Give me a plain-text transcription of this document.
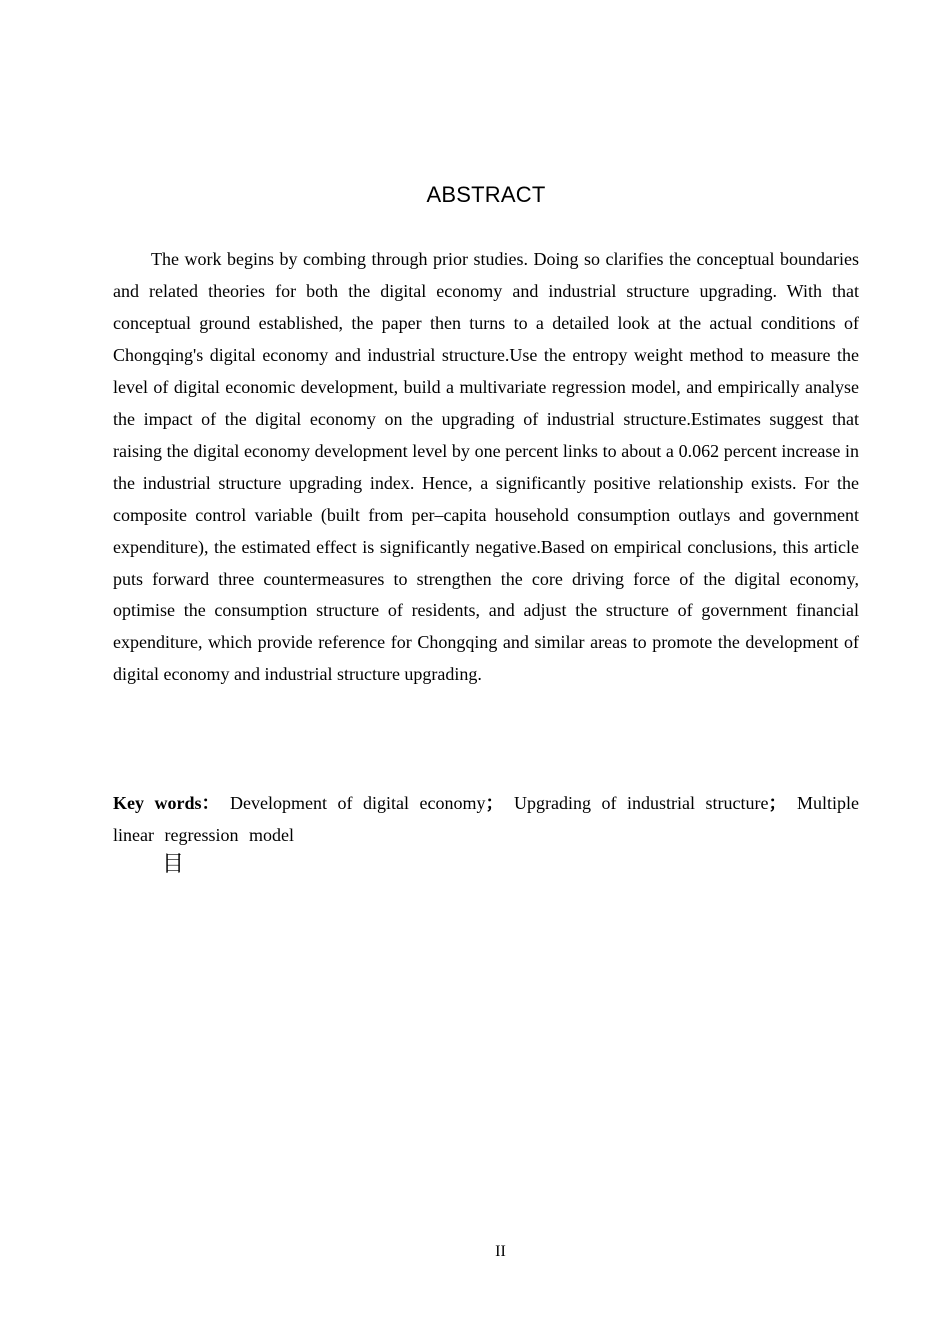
ABSTRACT

The work begins by combing through prior studies. Doing so clarifies the conceptual boundaries and related theories for both the digital economy and industrial structure upgrading. With that conceptual ground established, the paper then turns to a detailed look at the actual conditions of Chongqing's digital economy and industrial structure.Use the entropy weight method to measure the level of digital economic development, build a multivariate regression model, and empirically analyse the impact of the digital economy on the upgrading of industrial structure.Estimates suggest that raising the digital economy development level by one percent links to about a 0.062 percent increase in the industrial structure upgrading index. Hence, a significantly positive relationship exists. For the composite control variable (built from per–capita household consumption outlays and government expenditure), the estimated effect is significantly negative.Based on empirical conclusions, this article puts forward three countermeasures to strengthen the core driving force of the digital economy, optimise the consumption structure of residents, and adjust the structure of government financial expenditure, which provide reference for Chongqing and similar areas to promote the development of digital economy and industrial structure upgrading.

Key words： Development of digital economy； Upgrading of industrial structure； Multiple linear regression model

目
II
